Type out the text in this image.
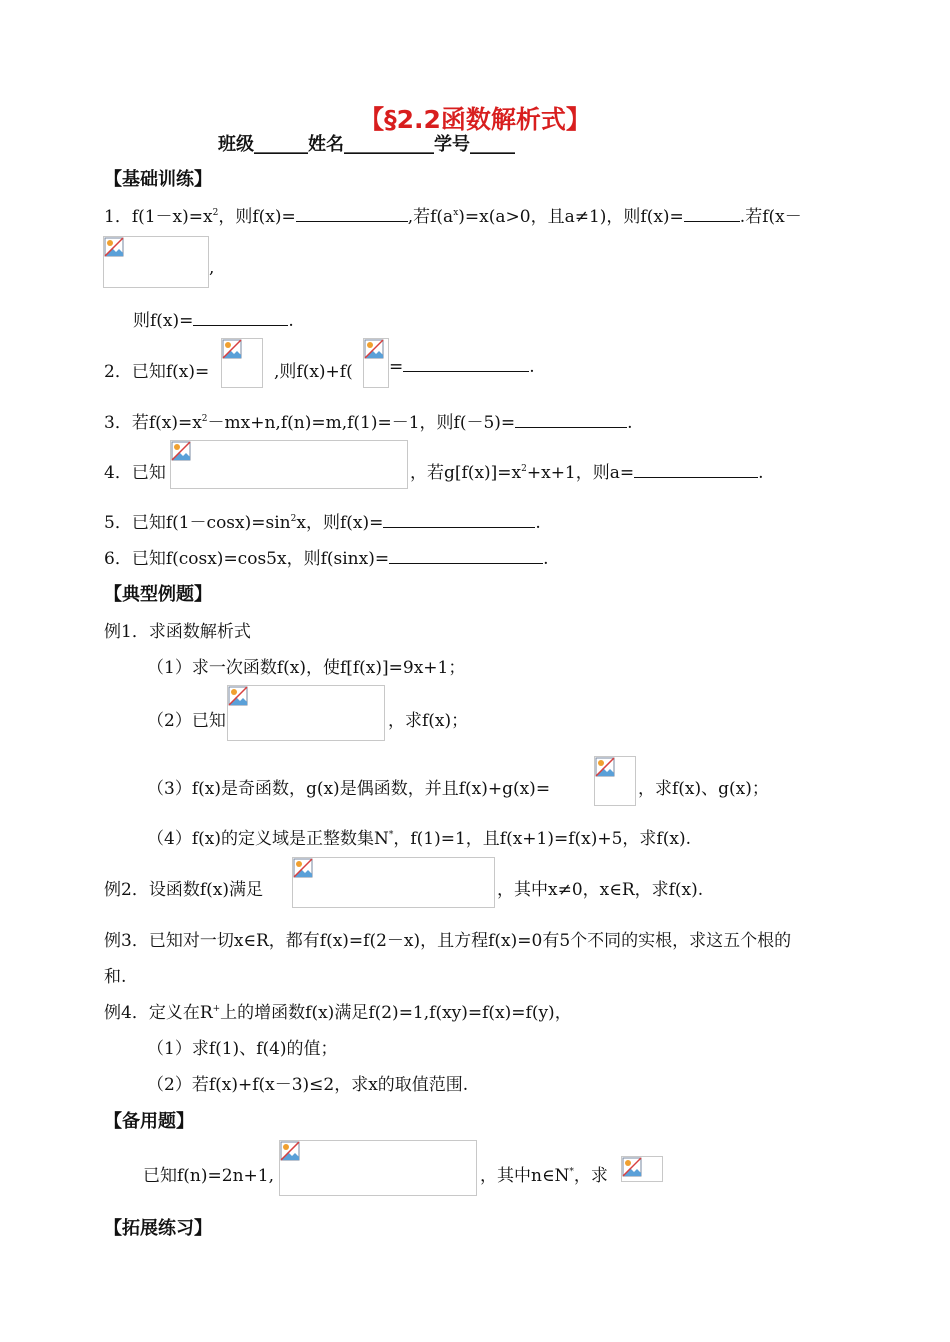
【§2.2函数解析式】
班级______姓名__________学号_____
【基础训练】
1．$f(1-x)=x^2$，则f(x)=	,若$f(a^x)=x(a>0$，且a≠1)，则f(x)=	.若f(x－
,
则f(x)=	.
2．已知f(x)=	,则f(x)+f( =	.
3．若$f(x)=x^2-mx+n,f(n)=m,f(1)=-1$，则f(－5)=	.
4．已知	，若$g[f(x)]=x^2+x+1$，则a=	.
5．已知$f(1-\cos x)=\sin^2x$，则f(x)=	.
6．已知f(cosx)=cos5x，则f(sinx)=	.
【典型例题】
例1．求函数解析式
（1）求一次函数f(x)，使f[f(x)]=9x+1；
（2）已知	，求f(x)；
（3）f(x)是奇函数，g(x)是偶函数，并且f(x)+g(x)=	，求f(x)、g(x)；
（4）f(x)的定义域是正整数集N*，f(1)=1，且f(x+1)=f(x)+5，求f(x).
例2．设函数f(x)满足	，其中x≠0，x∈R，求f(x).
例3．已知对一切x∈R，都有f(x)=f(2－x)，且方程f(x)=0有5个不同的实根，求这五个根的
和.
例4．定义在R+上的增函数f(x)满足f(2)=1,f(xy)=f(x)=f(y)，
（1）求f(1)、f(4)的值；
（2）若f(x)+f(x－3)≤2，求x的取值范围.
【备用题】
已知f(n)=2n+1,	，其中n∈N*，求
【拓展练习】
